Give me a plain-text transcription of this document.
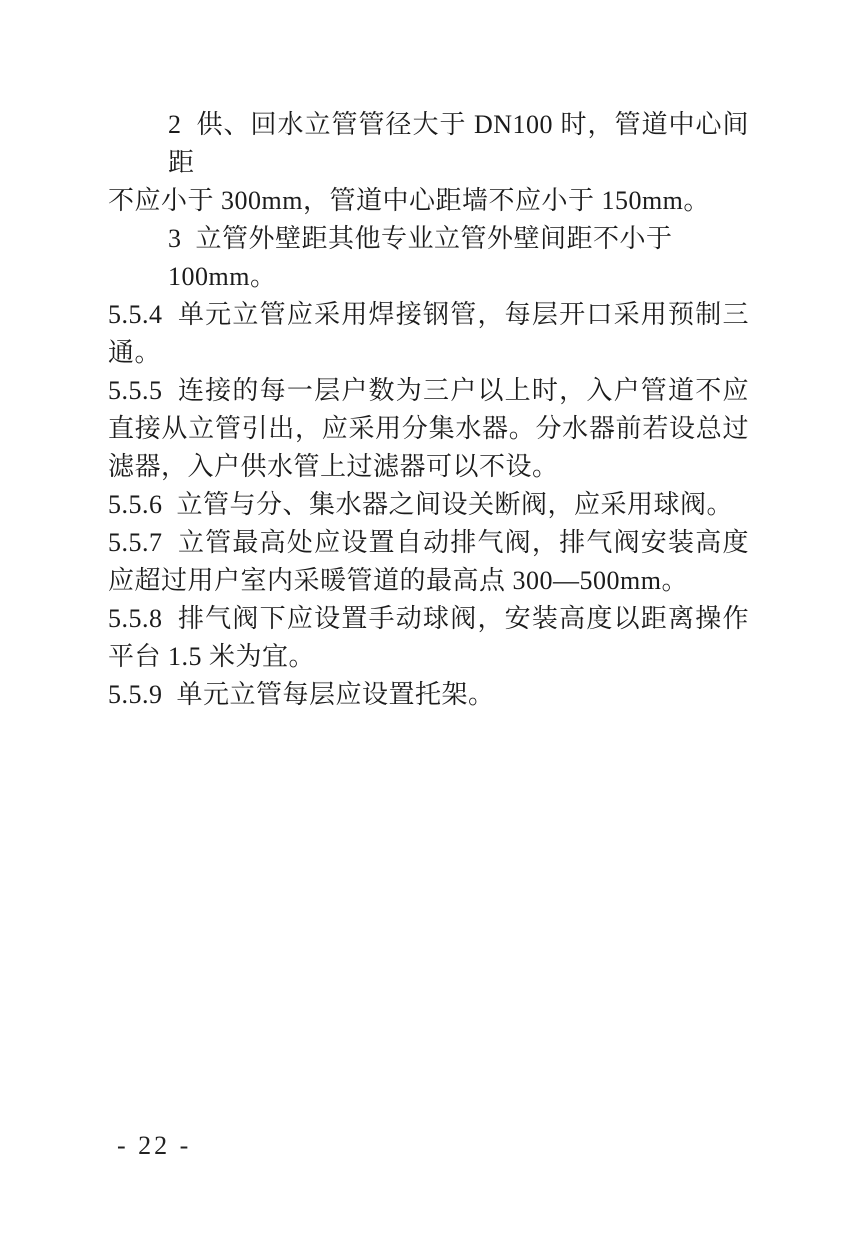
2  供、回水立管管径大于 DN100 时，管道中心间距
不应小于 300mm，管道中心距墙不应小于 150mm。
3  立管外壁距其他专业立管外壁间距不小于 100mm。
5.5.4  单元立管应采用焊接钢管，每层开口采用预制三
通。
5.5.5  连接的每一层户数为三户以上时，入户管道不应
直接从立管引出，应采用分集水器。分水器前若设总过
滤器，入户供水管上过滤器可以不设。
5.5.6  立管与分、集水器之间设关断阀，应采用球阀。
5.5.7  立管最高处应设置自动排气阀，排气阀安装高度
应超过用户室内采暖管道的最高点 300—500mm。
5.5.8  排气阀下应设置手动球阀，安装高度以距离操作
平台 1.5 米为宜。
5.5.9  单元立管每层应设置托架。
- 22 -
